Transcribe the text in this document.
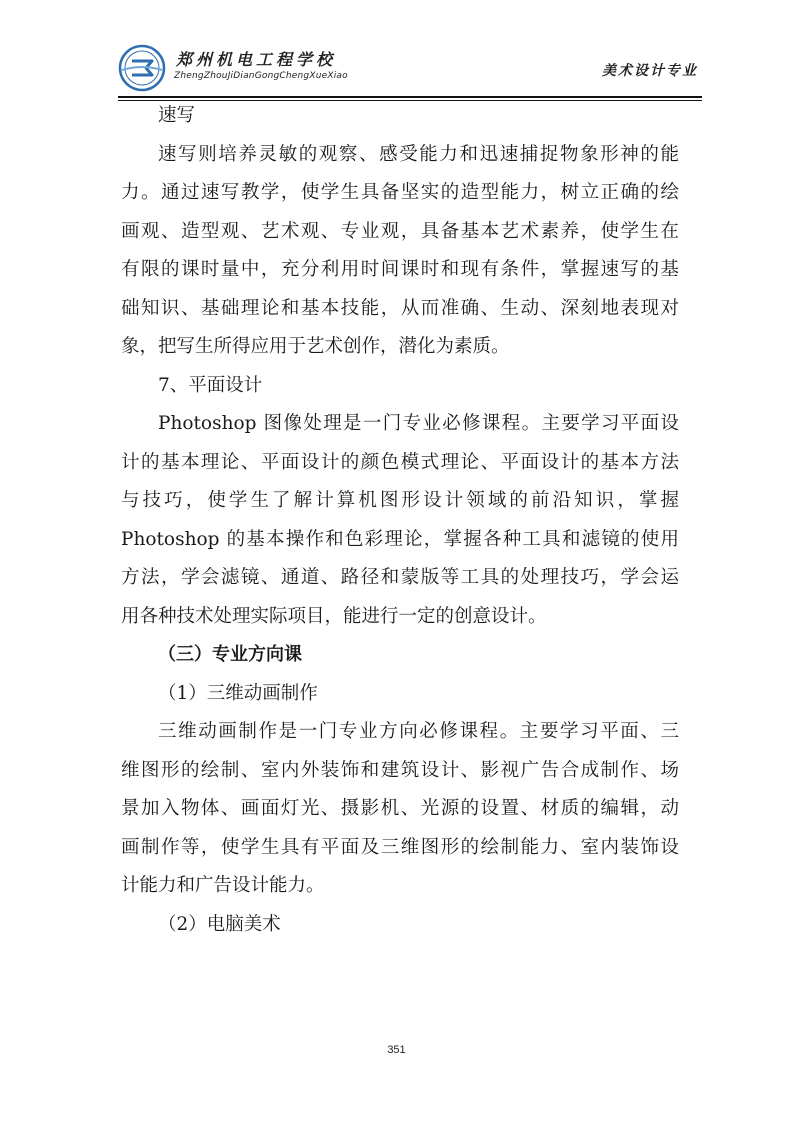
郑州机电工程学校
ZhengZhouJiDianGongChengXueXiao	美术设计专业
速写
速写则培养灵敏的观察、感受能力和迅速捕捉物象形神的能
力。通过速写教学，使学生具备坚实的造型能力，树立正确的绘
画观、造型观、艺术观、专业观，具备基本艺术素养，使学生在
有限的课时量中，充分利用时间课时和现有条件，掌握速写的基
础知识、基础理论和基本技能，从而准确、生动、深刻地表现对
象，把写生所得应用于艺术创作，潜化为素质。
7、平面设计
Photoshop 图像处理是一门专业必修课程。主要学习平面设
计的基本理论、平面设计的颜色模式理论、平面设计的基本方法
与技巧，使学生了解计算机图形设计领域的前沿知识，掌握
Photoshop 的基本操作和色彩理论，掌握各种工具和滤镜的使用
方法，学会滤镜、通道、路径和蒙版等工具的处理技巧，学会运
用各种技术处理实际项目，能进行一定的创意设计。
（三）专业方向课
（1）三维动画制作
三维动画制作是一门专业方向必修课程。主要学习平面、三
维图形的绘制、室内外装饰和建筑设计、影视广告合成制作、场
景加入物体、画面灯光、摄影机、光源的设置、材质的编辑，动
画制作等，使学生具有平面及三维图形的绘制能力、室内装饰设
计能力和广告设计能力。
（2）电脑美术
351
